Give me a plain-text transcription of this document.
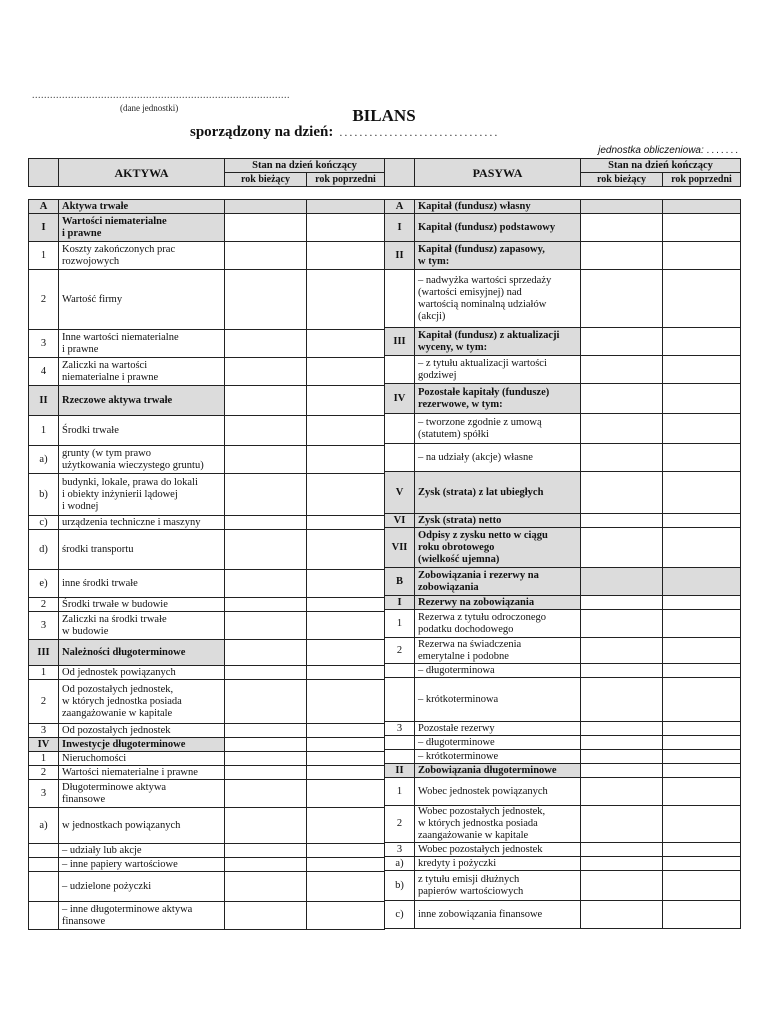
......................................................................................
(dane jednostki)	BILANS
sporządzony na dzień: ................................
jednostka obliczeniowa: .......
	AKTYWA	Stan na dzień kończący	
		rok bieżący	rok poprzedni

A	Aktywa trwałe		
I	Wartości niematerialne
i prawne		
1	Koszty zakończonych prac
rozwojowych		
2	Wartość firmy		
3	Inne wartości niematerialne
i prawne		
4	Zaliczki na wartości
niematerialne i prawne		
II	Rzeczowe aktywa trwałe		
1	Środki trwałe		
a)	grunty (w tym prawo
użytkowania wieczystego gruntu)		
b)	budynki, lokale, prawa do lokali
i obiekty inżynierii lądowej
i wodnej		
c)	urządzenia techniczne i maszyny		
d)	środki transportu		
e)	inne środki trwałe		
2	Środki trwałe w budowie		
3	Zaliczki na środki trwałe
w budowie		
III	Należności długoterminowe		
1	Od jednostek powiązanych		
2	Od pozostałych jednostek,
w których jednostka posiada
zaangażowanie w kapitale		
3	Od pozostałych jednostek		
IV	Inwestycje długoterminowe		
1	Nieruchomości		
2	Wartości niematerialne i prawne		
3	Długoterminowe aktywa
finansowe		
a)	w jednostkach powiązanych		
	– udziały lub akcje		
	– inne papiery wartościowe		
	– udzielone pożyczki		
	– inne długoterminowe aktywa
finansowe		
	PASYWA	Stan na dzień kończący	
		rok bieżący	rok poprzedni

A	Kapitał (fundusz) własny		
I	Kapitał (fundusz) podstawowy		
II	Kapitał (fundusz) zapasowy,
w tym:		
	– nadwyżka wartości sprzedaży
(wartości emisyjnej) nad
wartością nominalną udziałów
(akcji)		
III	Kapitał (fundusz) z aktualizacji
wyceny, w tym:		
	– z tytułu aktualizacji wartości
godziwej		
IV	Pozostałe kapitały (fundusze)
rezerwowe, w tym:		
	– tworzone zgodnie z umową
(statutem) spółki		
	– na udziały (akcje) własne		
V	Zysk (strata) z lat ubiegłych		
VI	Zysk (strata) netto		
VII	Odpisy z zysku netto w ciągu
roku obrotowego
(wielkość ujemna)		
B	Zobowiązania i rezerwy na
zobowiązania		
I	Rezerwy na zobowiązania		
1	Rezerwa z tytułu odroczonego
podatku dochodowego		
2	Rezerwa na świadczenia
emerytalne i podobne		
	– długoterminowa		
	– krótkoterminowa		
3	Pozostałe rezerwy		
	– długoterminowe		
	– krótkoterminowe		
II	Zobowiązania długoterminowe		
1	Wobec jednostek powiązanych		
2	Wobec pozostałych jednostek,
w których jednostka posiada
zaangażowanie w kapitale		
3	Wobec pozostałych jednostek		
a)	kredyty i pożyczki		
b)	z tytułu emisji dłużnych
papierów wartościowych		
c)	inne zobowiązania finansowe		
